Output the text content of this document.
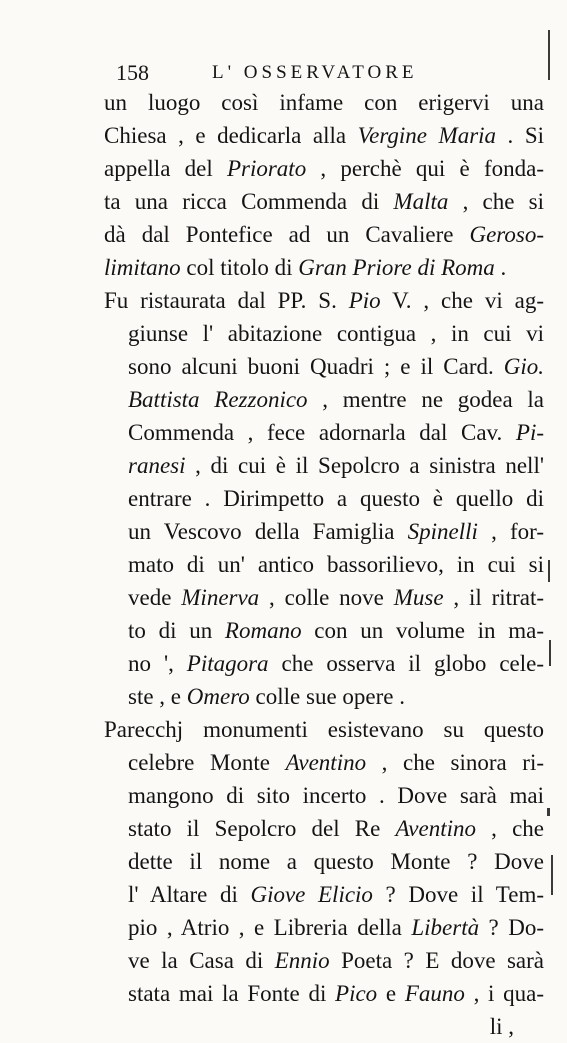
158	L' OSSERVATORE
un luogo così infame con erigervi una
Chiesa , e dedicarla alla Vergine Maria . Si
appella del Priorato , perchè qui è fonda-
ta una ricca Commenda di Malta , che si
dà dal Pontefice ad un Cavaliere Geroso-
limitano col titolo di Gran Priore di Roma .
Fu ristaurata dal PP. S. Pio V. , che vi ag-
giunse l' abitazione contigua , in cui vi
sono alcuni buoni Quadri ; e il Card. Gio.
Battista Rezzonico , mentre ne godea la
Commenda , fece adornarla dal Cav. Pi-
ranesi , di cui è il Sepolcro a sinistra nell'
entrare . Dirimpetto a questo è quello di
un Vescovo della Famiglia Spinelli , for-
mato di un' antico bassorilievo, in cui si
vede Minerva , colle nove Muse , il ritrat-
to di un Romano con un volume in ma-
no ', Pitagora che osserva il globo cele-
ste , e Omero colle sue opere .
Parecchj monumenti esistevano su questo
celebre Monte Aventino , che sinora ri-
mangono di sito incerto . Dove sarà mai
stato il Sepolcro del Re Aventino , che
dette il nome a questo Monte ? Dove
l' Altare di Giove Elicio ? Dove il Tem-
pio , Atrio , e Libreria della Libertà ? Do-
ve la Casa di Ennio Poeta ? E dove sarà
stata mai la Fonte di Pico e Fauno , i qua-
li ,
